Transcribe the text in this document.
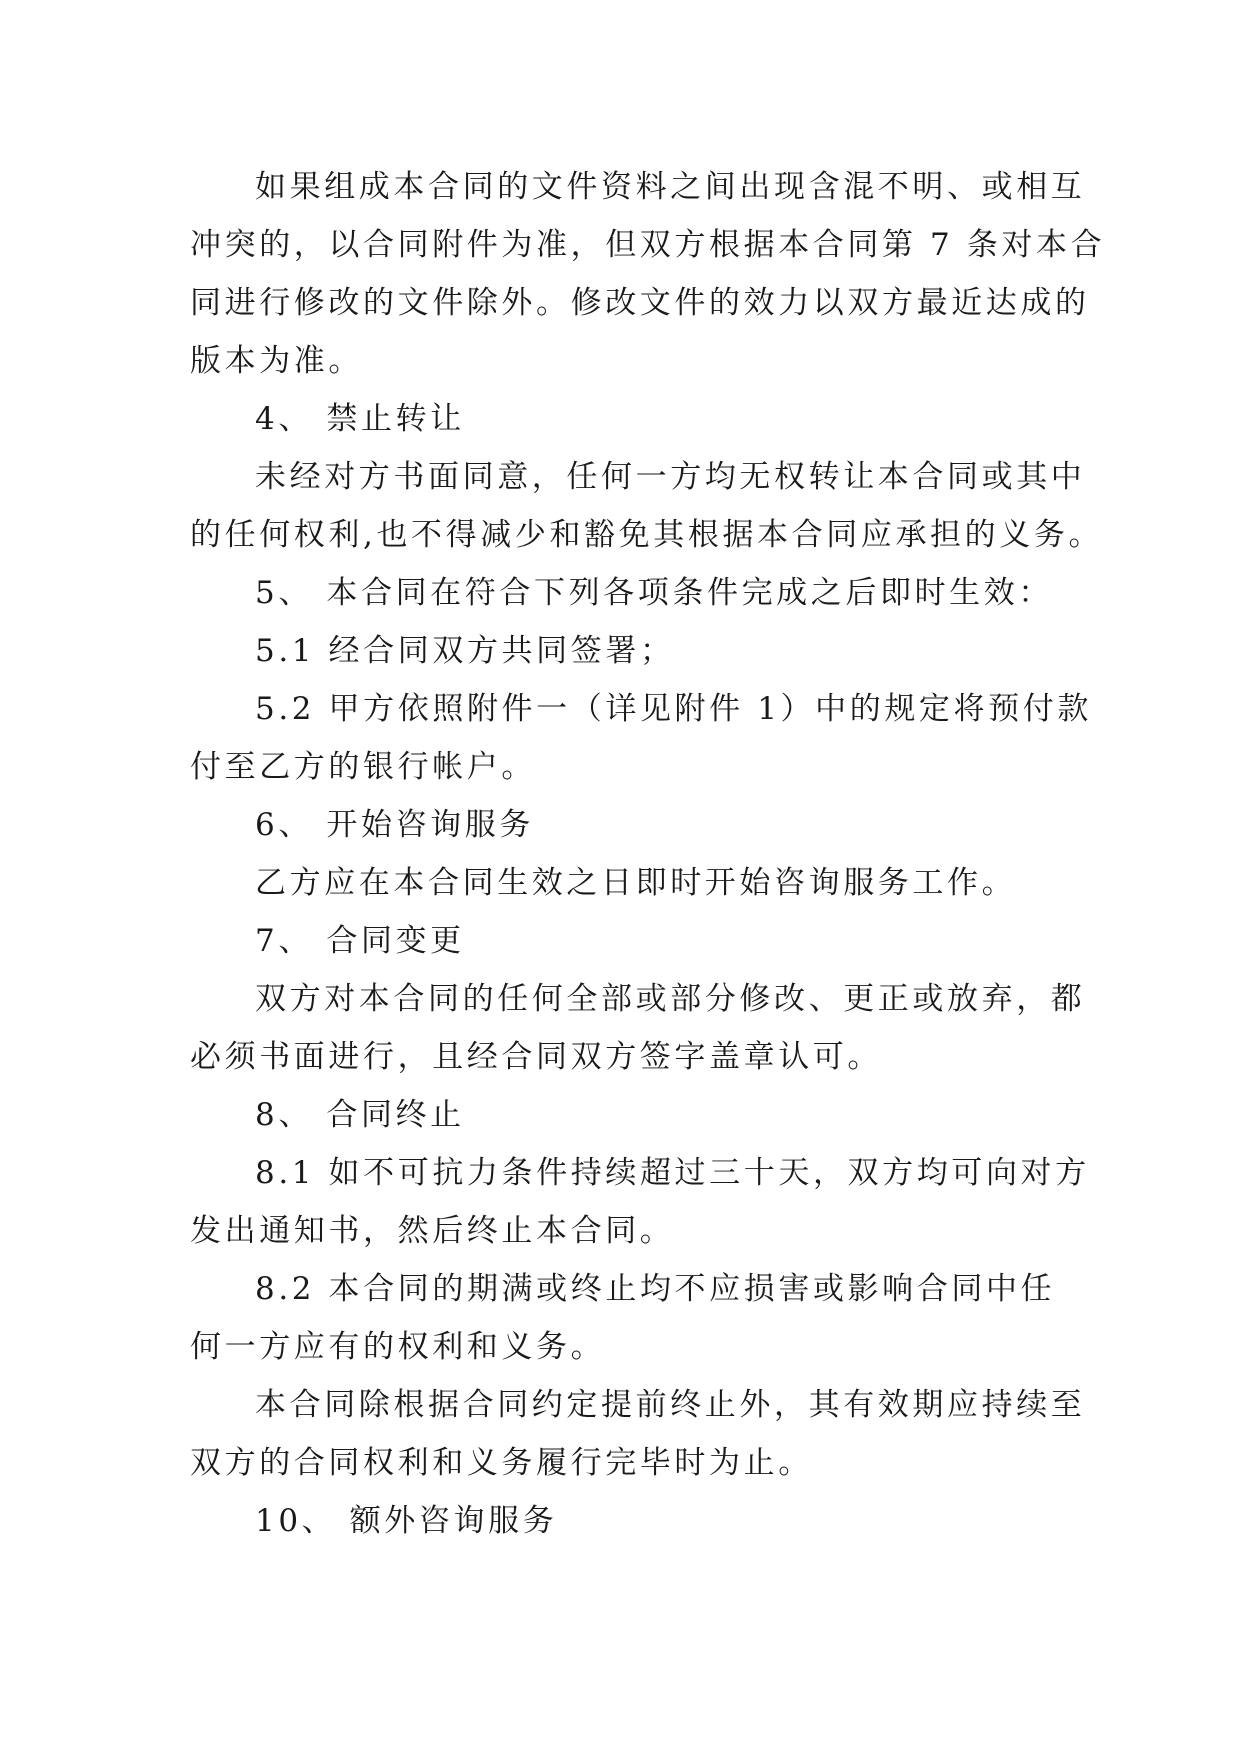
如果组成本合同的文件资料之间出现含混不明、或相互
冲突的，以合同附件为准，但双方根据本合同第 7 条对本合
同进行修改的文件除外。修改文件的效力以双方最近达成的
版本为准。
4、 禁止转让
未经对方书面同意，任何一方均无权转让本合同或其中
的任何权利,也不得减少和豁免其根据本合同应承担的义务。
5、 本合同在符合下列各项条件完成之后即时生效：
5.1 经合同双方共同签署；
5.2 甲方依照附件一（详见附件 1）中的规定将预付款
付至乙方的银行帐户。
6、 开始咨询服务
乙方应在本合同生效之日即时开始咨询服务工作。
7、 合同变更
双方对本合同的任何全部或部分修改、更正或放弃，都
必须书面进行，且经合同双方签字盖章认可。
8、 合同终止
8.1 如不可抗力条件持续超过三十天，双方均可向对方
发出通知书，然后终止本合同。
8.2 本合同的期满或终止均不应损害或影响合同中任
何一方应有的权利和义务。
本合同除根据合同约定提前终止外，其有效期应持续至
双方的合同权利和义务履行完毕时为止。
10、 额外咨询服务
